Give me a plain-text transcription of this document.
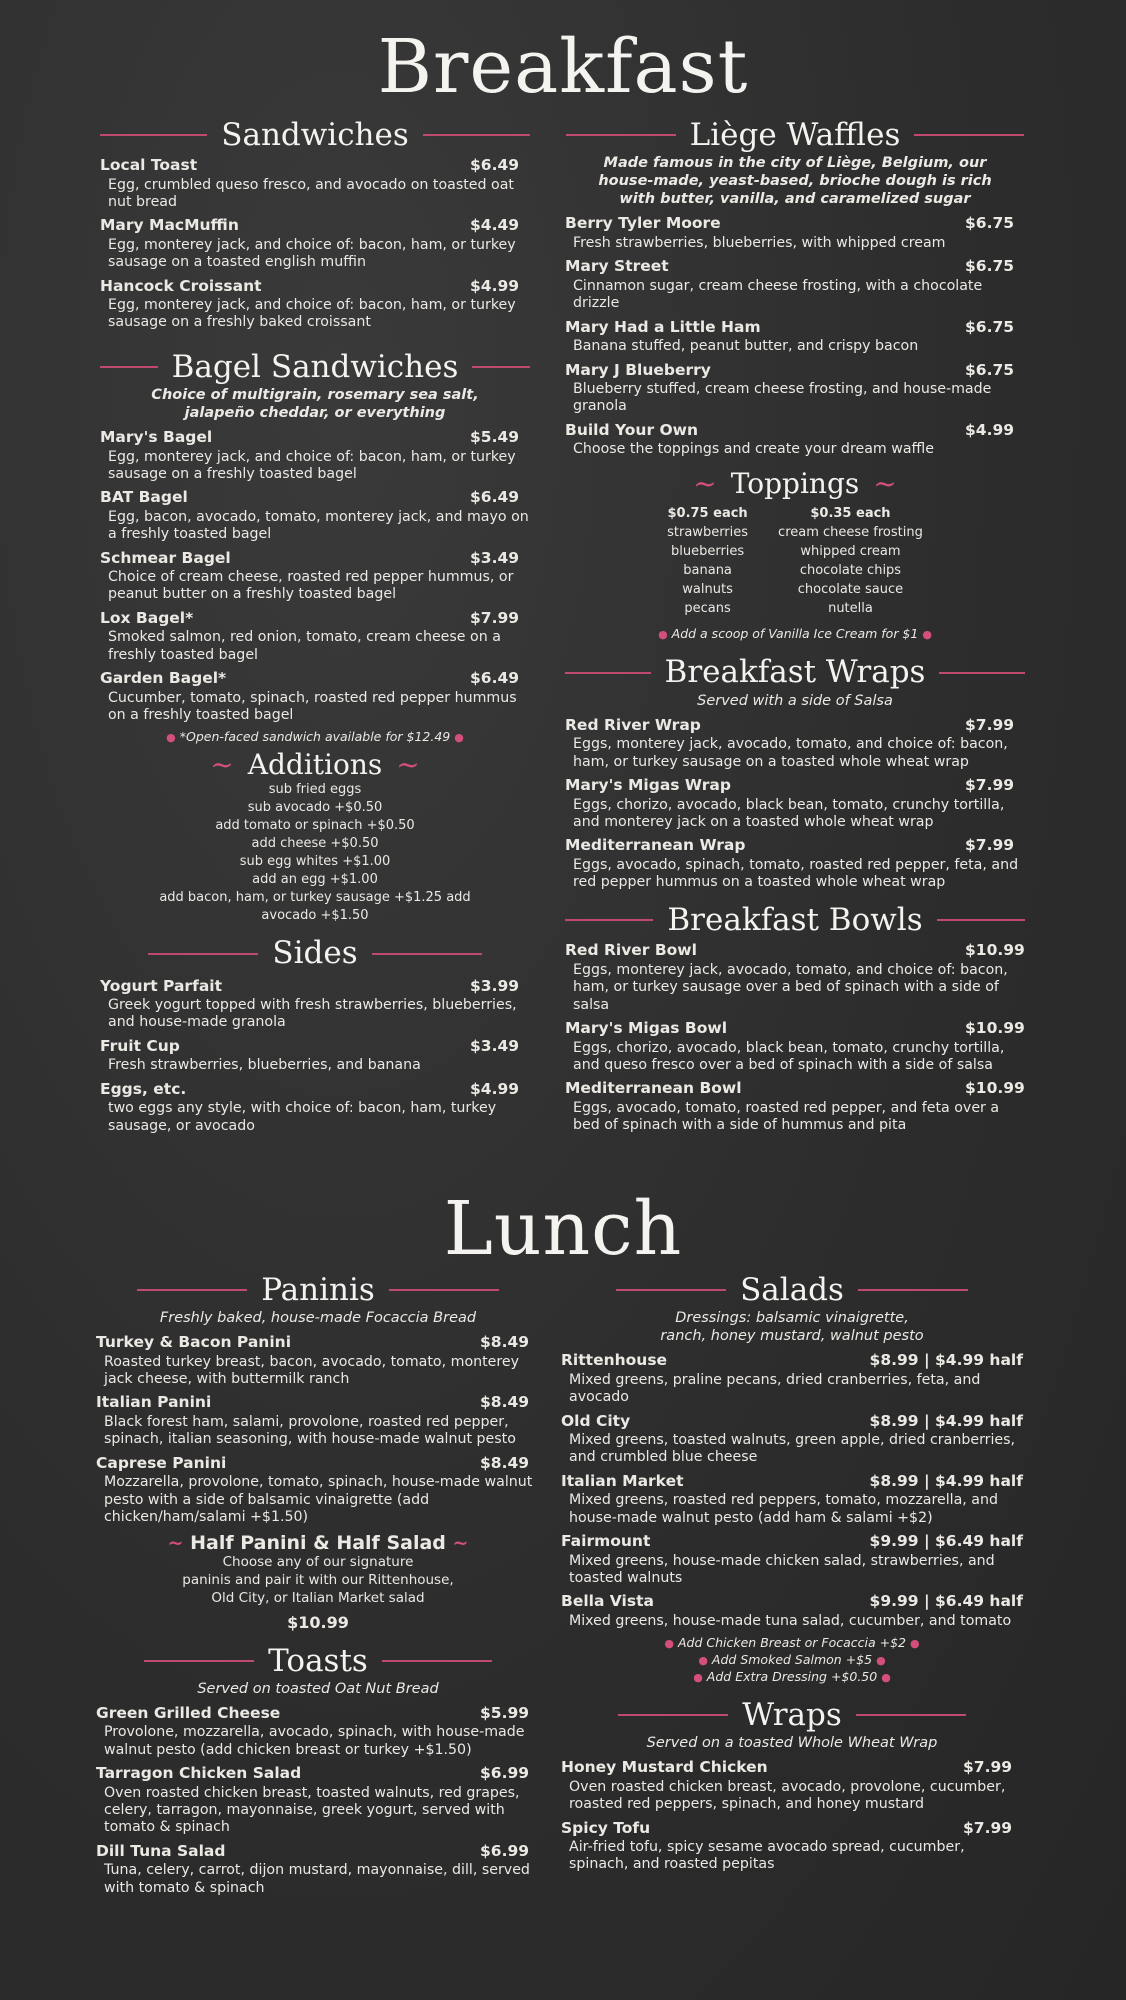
Breakfast
Sandwiches
Local Toast	$6.49
Egg, crumbled queso fresco, and avocado on toasted oat nut bread
Mary MacMuffin	$4.49
Egg, monterey jack, and choice of: bacon, ham, or turkey sausage on a toasted english muffin
Hancock Croissant	$4.99
Egg, monterey jack, and choice of: bacon, ham, or turkey sausage on a freshly baked croissant
Bagel Sandwiches
Choice of multigrain, rosemary sea salt, jalapeño cheddar, or everything
Mary's Bagel	$5.49
Egg, monterey jack, and choice of: bacon, ham, or turkey sausage on a freshly toasted bagel
BAT Bagel	$6.49
Egg, bacon, avocado, tomato, monterey jack, and mayo on a freshly toasted bagel
Schmear Bagel	$3.49
Choice of cream cheese, roasted red pepper hummus, or peanut butter on a freshly toasted bagel
Lox Bagel*	$7.99
Smoked salmon, red onion, tomato, cream cheese on a freshly toasted bagel
Garden Bagel*	$6.49
Cucumber, tomato, spinach, roasted red pepper hummus on a freshly toasted bagel
● *Open-faced sandwich available for $12.49 ●
~ Additions ~
sub fried eggs
sub avocado +$0.50
add tomato or spinach +$0.50
add cheese +$0.50
sub egg whites +$1.00
add an egg +$1.00
add bacon, ham, or turkey sausage +$1.25 add
avocado +$1.50
Sides
Yogurt Parfait	$3.99
Greek yogurt topped with fresh strawberries, blueberries, and house-made granola
Fruit Cup	$3.49
Fresh strawberries, blueberries, and banana
Eggs, etc.	$4.99
two eggs any style, with choice of: bacon, ham, turkey sausage, or avocado
Liège Waffles
Made famous in the city of Liège, Belgium, our house-made, yeast-based, brioche dough is rich with butter, vanilla, and caramelized sugar
Berry Tyler Moore	$6.75
Fresh strawberries, blueberries, with whipped cream
Mary Street	$6.75
Cinnamon sugar, cream cheese frosting, with a chocolate drizzle
Mary Had a Little Ham	$6.75
Banana stuffed, peanut butter, and crispy bacon
Mary J Blueberry	$6.75
Blueberry stuffed, cream cheese frosting, and house-made granola
Build Your Own	$4.99
Choose the toppings and create your dream waffle
~ Toppings ~
$0.75 each
strawberries
blueberries
banana
walnuts
pecans
$0.35 each
cream cheese frosting
whipped cream
chocolate chips
chocolate sauce
nutella
● Add a scoop of Vanilla Ice Cream for $1 ●
Breakfast Wraps
Served with a side of Salsa
Red River Wrap	$7.99
Eggs, monterey jack, avocado, tomato, and choice of: bacon, ham, or turkey sausage on a toasted whole wheat wrap
Mary's Migas Wrap	$7.99
Eggs, chorizo, avocado, black bean, tomato, crunchy tortilla, and monterey jack on a toasted whole wheat wrap
Mediterranean Wrap	$7.99
Eggs, avocado, spinach, tomato, roasted red pepper, feta, and red pepper hummus on a toasted whole wheat wrap
Breakfast Bowls
Red River Bowl	$10.99
Eggs, monterey jack, avocado, tomato, and choice of: bacon, ham, or turkey sausage over a bed of spinach with a side of salsa
Mary's Migas Bowl	$10.99
Eggs, chorizo, avocado, black bean, tomato, crunchy tortilla, and queso fresco over a bed of spinach with a side of salsa
Mediterranean Bowl	$10.99
Eggs, avocado, tomato, roasted red pepper, and feta over a bed of spinach with a side of hummus and pita
Lunch
Paninis
Freshly baked, house-made Focaccia Bread
Turkey & Bacon Panini	$8.49
Roasted turkey breast, bacon, avocado, tomato, monterey jack cheese, with buttermilk ranch
Italian Panini	$8.49
Black forest ham, salami, provolone, roasted red pepper, spinach, italian seasoning, with house-made walnut pesto
Caprese Panini	$8.49
Mozzarella, provolone, tomato, spinach, house-made walnut pesto with a side of balsamic vinaigrette (add chicken/ham/salami +$1.50)
~ Half Panini & Half Salad ~
Choose any of our signature
paninis and pair it with our Rittenhouse,
Old City, or Italian Market salad
$10.99
Toasts
Served on toasted Oat Nut Bread
Green Grilled Cheese	$5.99
Provolone, mozzarella, avocado, spinach, with house-made walnut pesto (add chicken breast or turkey +$1.50)
Tarragon Chicken Salad	$6.99
Oven roasted chicken breast, toasted walnuts, red grapes, celery, tarragon, mayonnaise, greek yogurt, served with tomato & spinach
Dill Tuna Salad	$6.99
Tuna, celery, carrot, dijon mustard, mayonnaise, dill, served with tomato & spinach
Salads
Dressings: balsamic vinaigrette, ranch, honey mustard, walnut pesto
Rittenhouse	$8.99 | $4.99 half
Mixed greens, praline pecans, dried cranberries, feta, and avocado
Old City	$8.99 | $4.99 half
Mixed greens, toasted walnuts, green apple, dried cranberries, and crumbled blue cheese
Italian Market	$8.99 | $4.99 half
Mixed greens, roasted red peppers, tomato, mozzarella, and house-made walnut pesto (add ham & salami +$2)
Fairmount	$9.99 | $6.49 half
Mixed greens, house-made chicken salad, strawberries, and toasted walnuts
Bella Vista	$9.99 | $6.49 half
Mixed greens, house-made tuna salad, cucumber, and tomato
● Add Chicken Breast or Focaccia +$2 ●
● Add Smoked Salmon +$5 ●
● Add Extra Dressing +$0.50 ●
Wraps
Served on a toasted Whole Wheat Wrap
Honey Mustard Chicken	$7.99
Oven roasted chicken breast, avocado, provolone, cucumber, roasted red peppers, spinach, and honey mustard
Spicy Tofu	$7.99
Air-fried tofu, spicy sesame avocado spread, cucumber, spinach, and roasted pepitas
